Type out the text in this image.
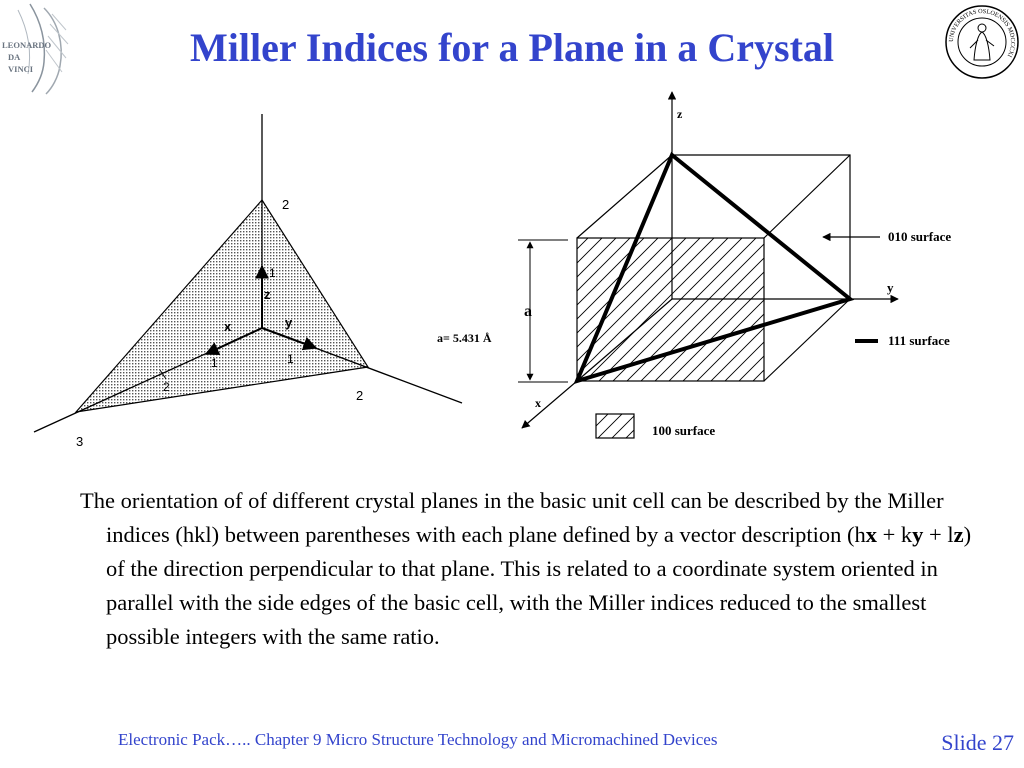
LEONARDO
DA
VINCI	Miller Indices for a Plane in a Crystal	UNIVERSITAS OSLOENSIS MDCCCXI
2
2
3
z
x	y
1
1	1
2
z
y
x
a
a= 5.431 Å
010 surface
111 surface
100 surface

The orientation of of different crystal planes in the basic unit cell can be described by the Miller indices (hkl) between parentheses with each plane defined by a vector description (hx + ky + lz) of the direction perpendicular to that plane. This is related to a coordinate system oriented in parallel with the side edges of the basic cell, with the Miller indices reduced to the smallest possible integers with the same ratio.

Electronic Pack….. Chapter 9 Micro Structure Technology and Micromachined Devices	Slide 27
